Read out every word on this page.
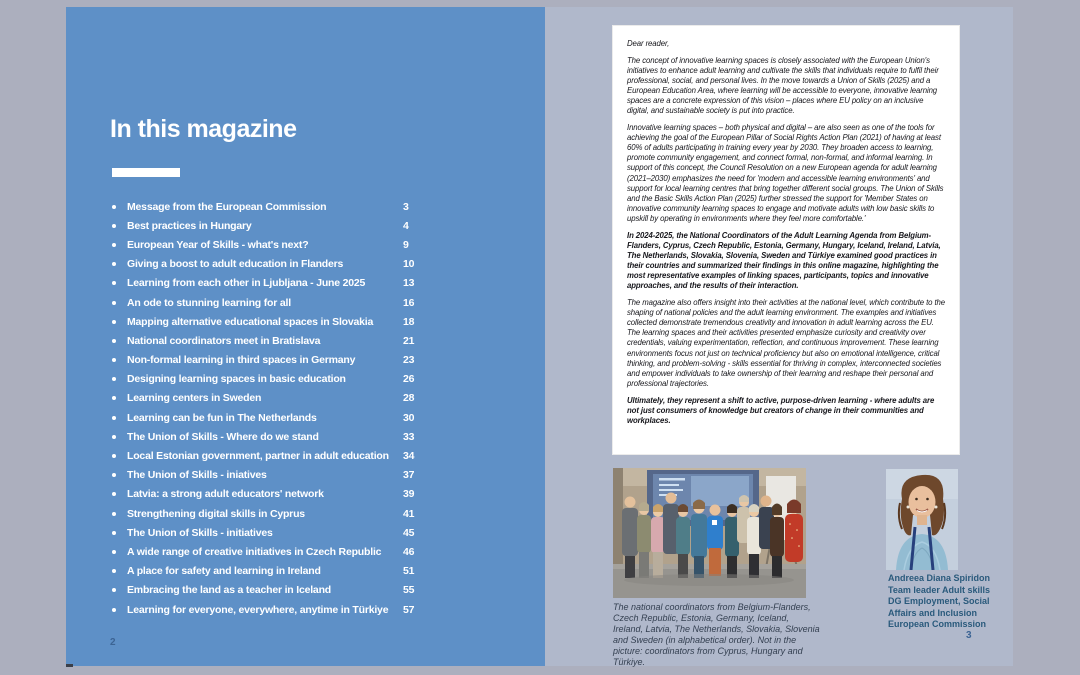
In this magazine
Message from the European Commission	3
Best practices in Hungary	4
European Year of Skills - what's next?	9
Giving a boost to adult education in Flanders	10
Learning from each other in Ljubljana - June 2025	13
An ode to stunning learning for all	16
Mapping alternative educational spaces in Slovakia	18
National coordinators meet in Bratislava	21
Non-formal learning in third spaces in Germany	23
Designing learning spaces in basic education	26
Learning centers in Sweden	28
Learning can be fun in The Netherlands	30
The Union of Skills - Where do we stand	33
Local Estonian government, partner in adult education	34
The Union of Skills - iniatives	37
Latvia: a strong adult educators' network	39
Strengthening digital skills in Cyprus	41
The Union of Skills - initiatives	45
A wide range of creative initiatives in Czech Republic	46
A place for safety and learning in Ireland	51
Embracing the land as a teacher in Iceland	55
Learning for everyone, everywhere, anytime in Türkiye	57
2

Dear reader,

The concept of innovative learning spaces is closely associated with the European Union's initiatives to enhance adult learning and cultivate the skills that individuals require to fulfil their professional, social, and personal lives. In the move towards a Union of Skills (2025) and a European Education Area, where learning will be accessible to everyone, innovative learning spaces are a concrete expression of this vision – places where EU policy on an inclusive digital, and sustainable society is put into practice.

Innovative learning spaces – both physical and digital – are also seen as one of the tools for achieving the goal of the European Pillar of Social Rights Action Plan (2021) of having at least 60% of adults participating in training every year by 2030. They broaden access to learning, promote community engagement, and connect formal, non-formal, and informal learning. In support of this concept, the Council Resolution on a new European agenda for adult learning (2021–2030) emphasizes the need for 'modern and accessible learning environments' and support for local learning centres that bring together different social groups. The Union of Skills and the Basic Skills Action Plan (2025) further stressed the support for 'Member States on innovative community learning spaces to engage and motivate adults with low basic skills to upskill by operating in environments where they feel more comfortable.'

In 2024-2025, the National Coordinators of the Adult Learning Agenda from Belgium-Flanders, Cyprus, Czech Republic, Estonia, Germany, Hungary, Iceland, Ireland, Latvia, The Netherlands, Slovakia, Slovenia, Sweden and Türkiye examined good practices in their countries and summarized their findings in this online magazine, highlighting the most representative examples of linking spaces, participants, topics and innovative approaches, and the results of their interaction.

The magazine also offers insight into their activities at the national level, which contribute to the shaping of national policies and the adult learning environment. The examples and initiatives collected demonstrate tremendous creativity and innovation in adult learning across the EU. The learning spaces and their activities presented emphasize curiosity and creativity over credentials, valuing experimentation, reflection, and continuous improvement. These learning environments focus not just on technical proficiency but also on emotional intelligence, critical thinking, and problem-solving - skills essential for thriving in complex, interconnected societies and empower individuals to take ownership of their learning and reshape their personal and professional trajectories.

Ultimately, they represent a shift to active, purpose-driven learning - where adults are not just consumers of knowledge but creators of change in their communities and workplaces.

The national coordinators from Belgium-Flanders, Czech Republic, Estonia, Germany, Iceland, Ireland, Latvia, The Netherlands, Slovakia, Slovenia and Sweden (in alphabetical order). Not in the picture: coordinators from Cyprus, Hungary and Türkiye.

Andreea Diana Spiridon
Team leader Adult skills
DG Employment, Social
Affairs and Inclusion
European Commission
3
